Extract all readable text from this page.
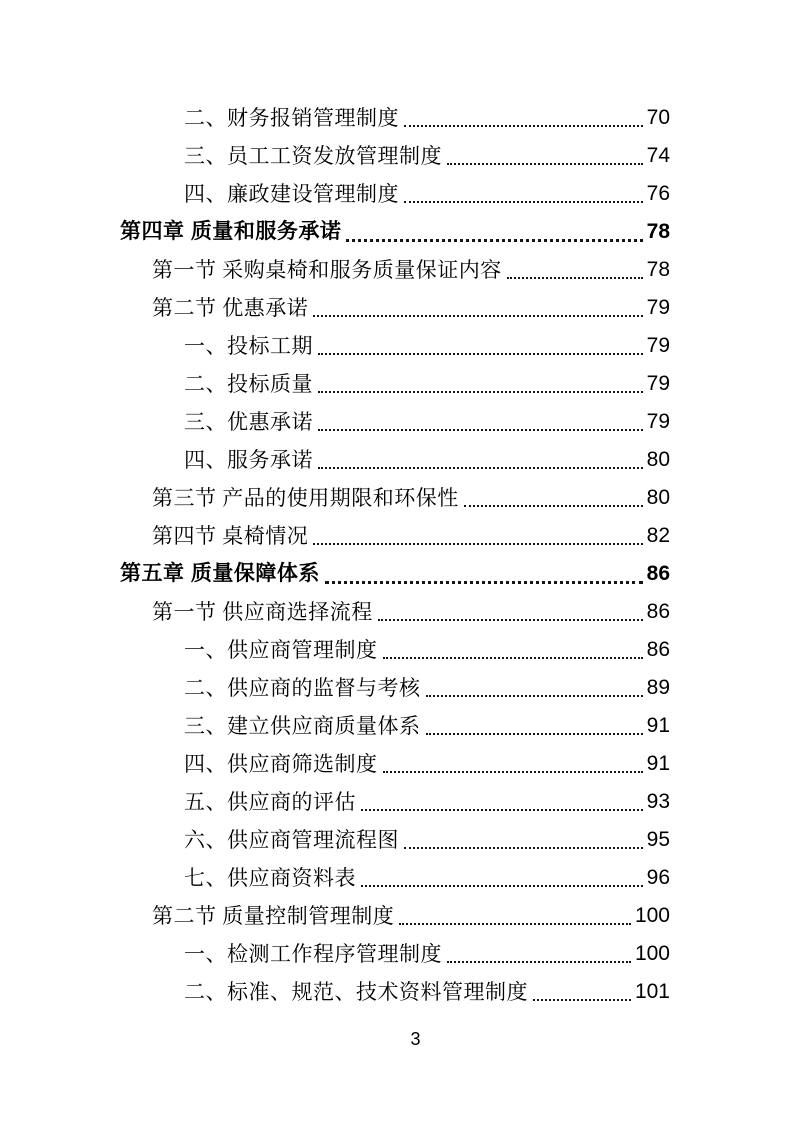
二、财务报销管理制度	70
三、员工工资发放管理制度	74
四、廉政建设管理制度	76
第四章 质量和服务承诺	78
第一节 采购桌椅和服务质量保证内容	78
第二节 优惠承诺	79
一、投标工期	79
二、投标质量	79
三、优惠承诺	79
四、服务承诺	80
第三节 产品的使用期限和环保性	80
第四节 桌椅情况	82
第五章 质量保障体系	86
第一节 供应商选择流程	86
一、供应商管理制度	86
二、供应商的监督与考核	89
三、建立供应商质量体系	91
四、供应商筛选制度	91
五、供应商的评估	93
六、供应商管理流程图	95
七、供应商资料表	96
第二节 质量控制管理制度	100
一、检测工作程序管理制度	100
二、标准、规范、技术资料管理制度	101
3
